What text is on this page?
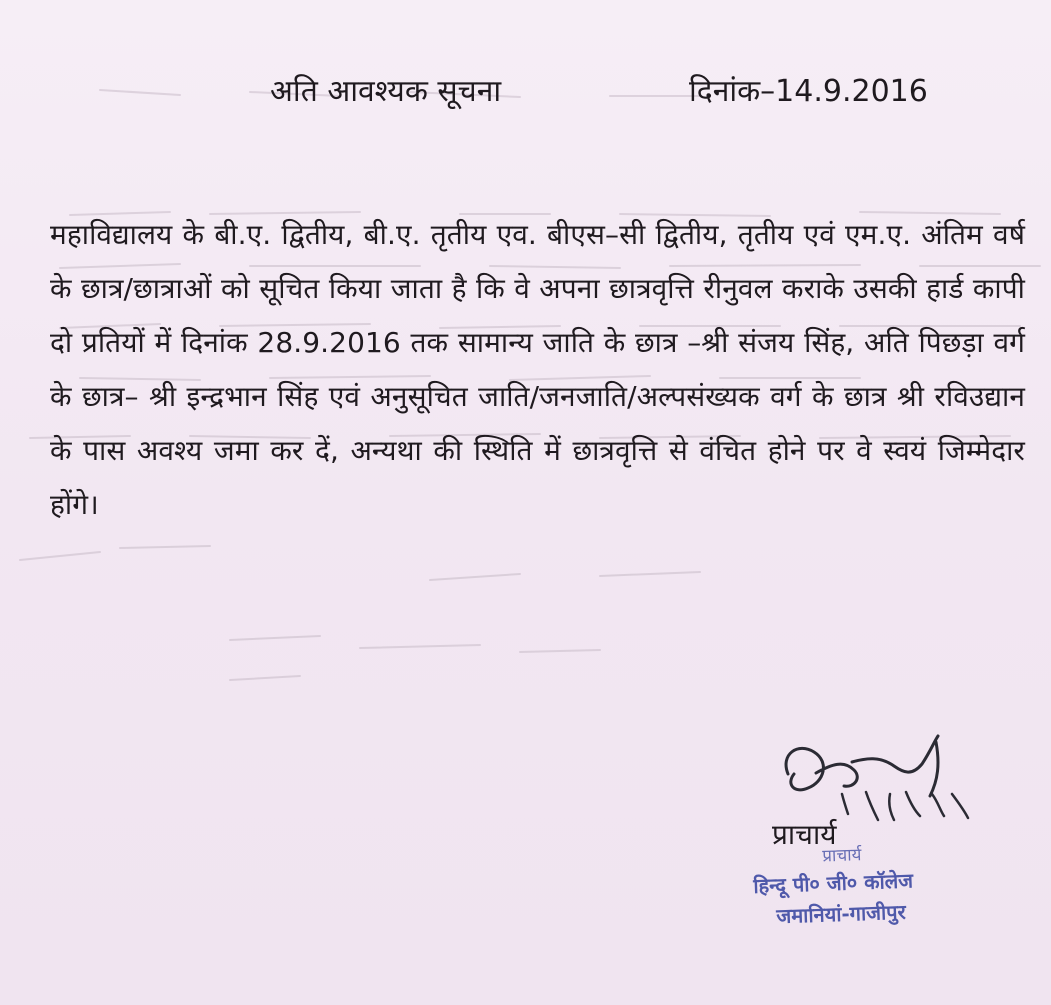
अति आवश्यक सूचना	दिनांक–14.9.2016
महाविद्यालय के बी.ए. द्वितीय, बी.ए. तृतीय एव. बीएस–सी द्वितीय, तृतीय एवं एम.ए. अंतिम वर्ष के छात्र/छात्राओं को सूचित किया जाता है कि वे अपना छात्रवृत्ति रीनुवल कराके उसकी हार्ड कापी दो प्रतियों में दिनांक 28.9.2016 तक सामान्य जाति के छात्र –श्री संजय सिंह, अति पिछड़ा वर्ग के छात्र– श्री इन्द्रभान सिंह एवं अनुसूचित जाति/जनजाति/अल्पसंख्यक वर्ग के छात्र श्री रविउद्यान के पास अवश्य जमा कर दें, अन्यथा की स्थिति में छात्रवृत्ति से वंचित होने पर वे स्वयं जिम्मेदार होंगे।
प्राचार्य
प्राचार्य
हिन्दू पी० जी० कॉलेज
जमानियां-गाजीपुर
